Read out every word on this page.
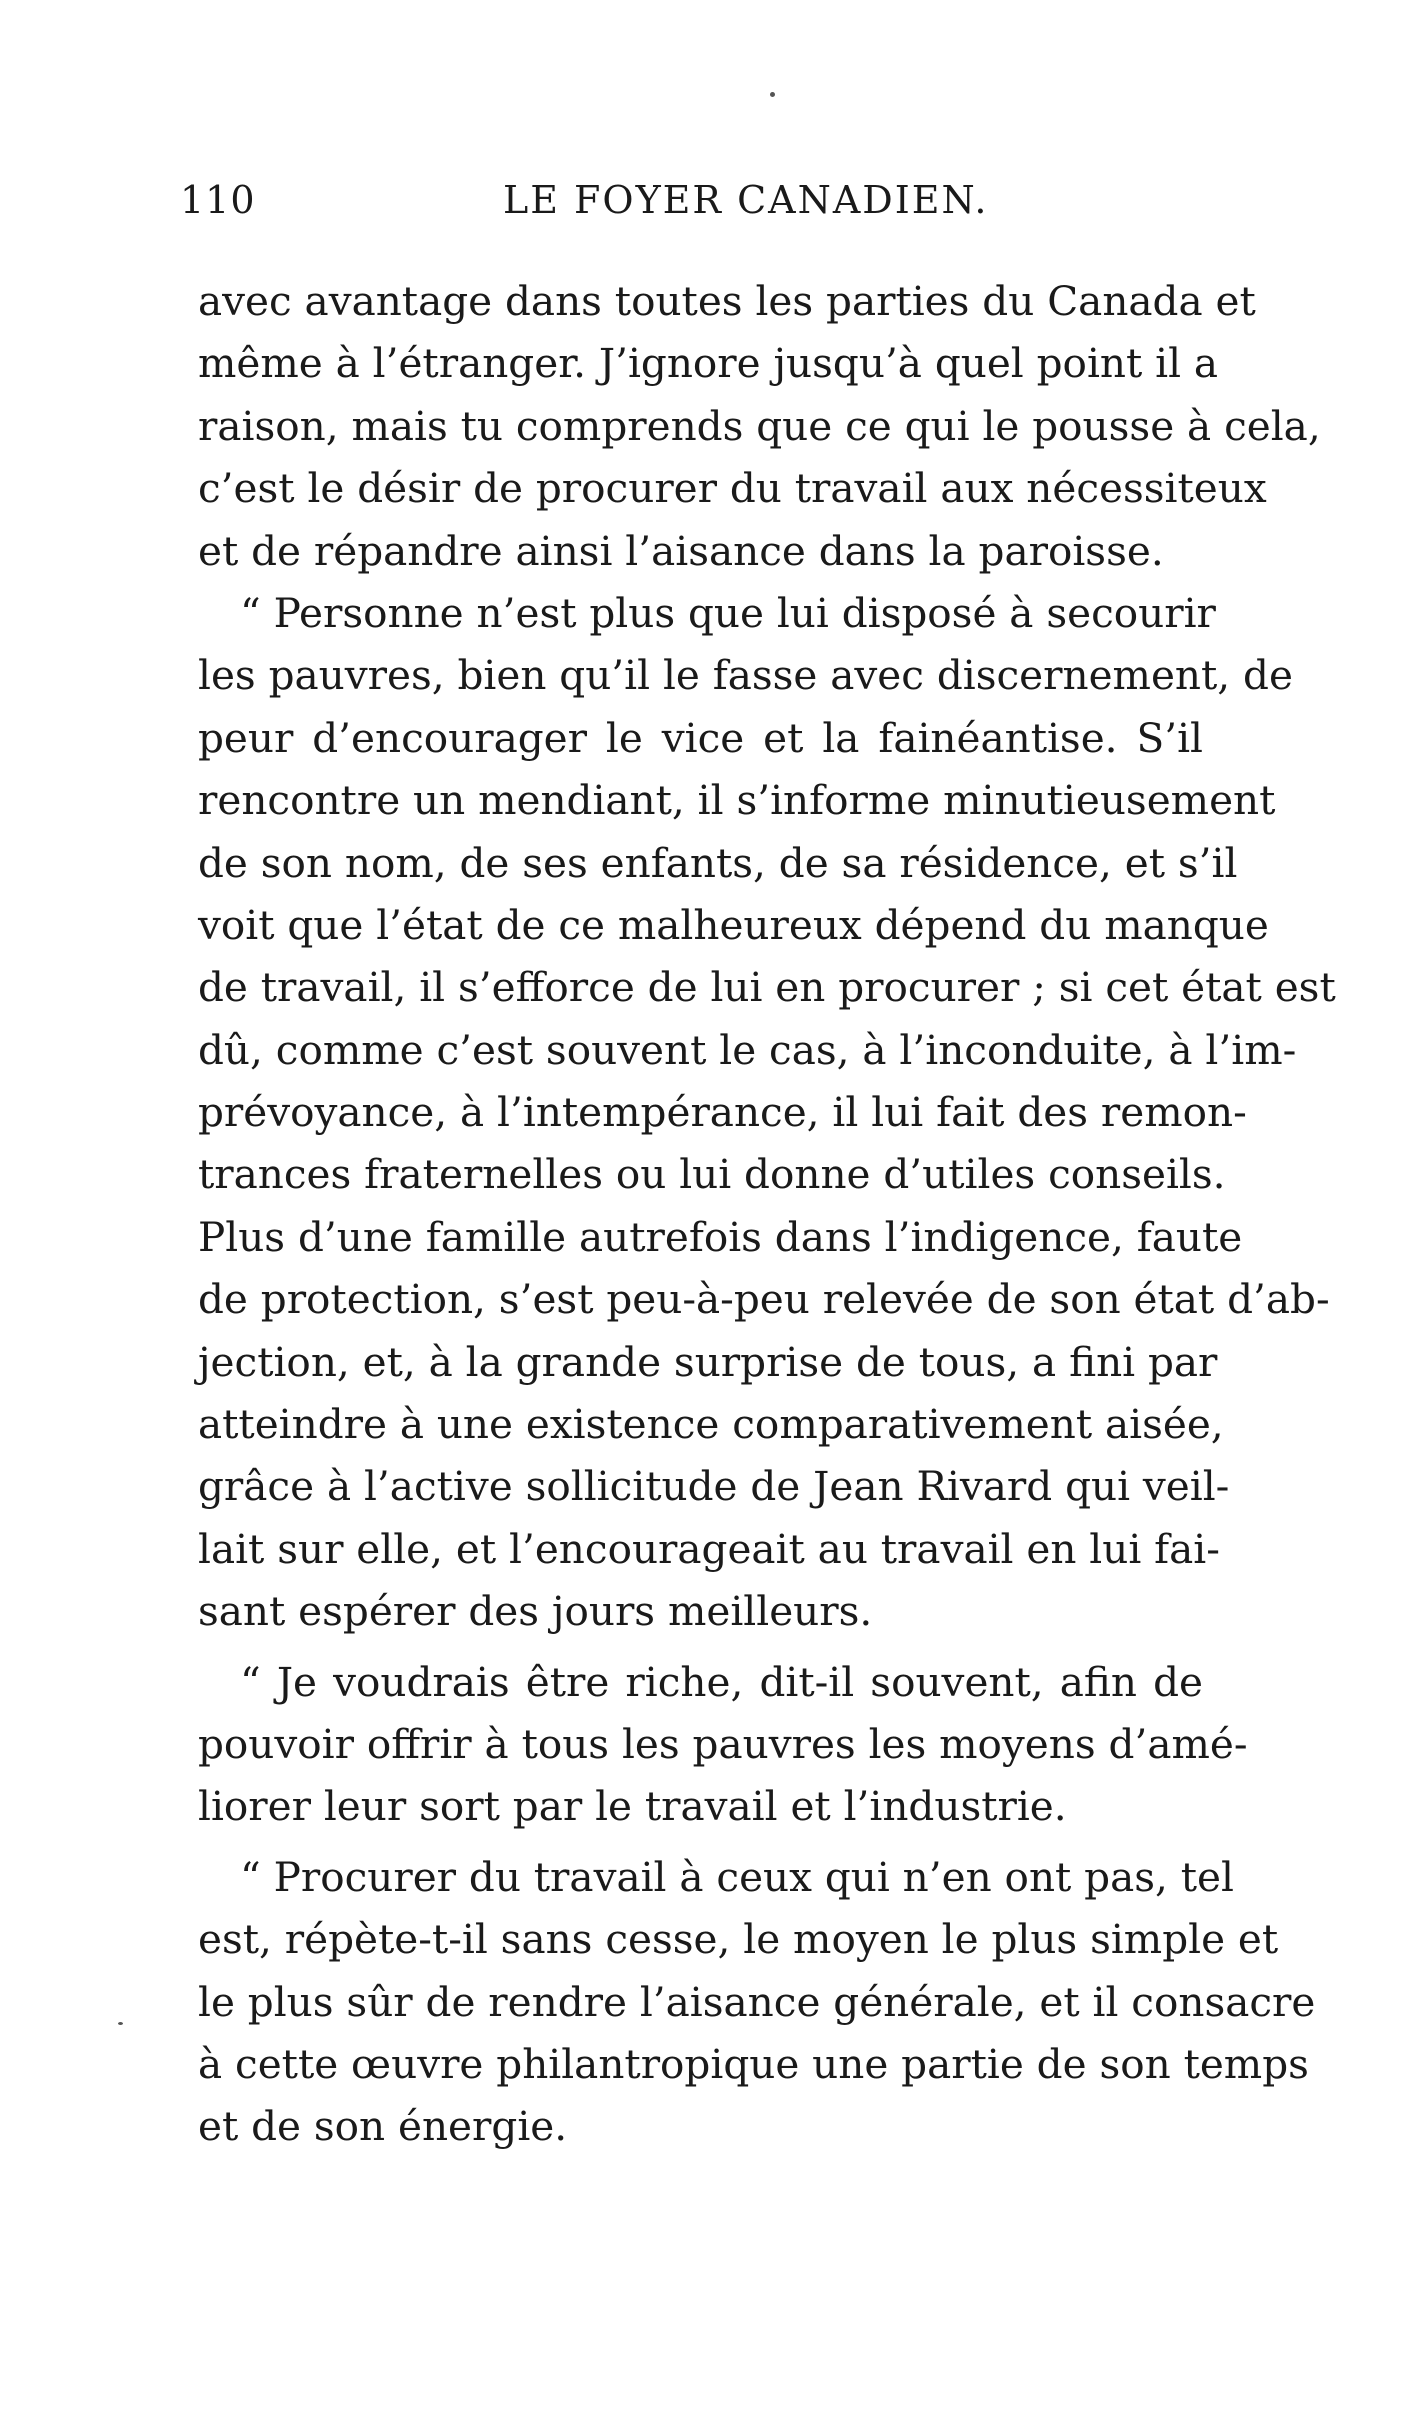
110	LE FOYER CANADIEN.
avec avantage dans toutes les parties du Canada et
même à l’étranger. J’ignore jusqu’à quel point il a
raison, mais tu comprends que ce qui le pousse à cela,
c’est le désir de procurer du travail aux nécessiteux
et de répandre ainsi l’aisance dans la paroisse.
“ Personne n’est plus que lui disposé à secourir
les pauvres, bien qu’il le fasse avec discernement, de
peur d’encourager le vice et la fainéantise. S’il
rencontre un mendiant, il s’informe minutieusement
de son nom, de ses enfants, de sa résidence, et s’il
voit que l’état de ce malheureux dépend du manque
de travail, il s’efforce de lui en procurer ; si cet état est
dû, comme c’est souvent le cas, à l’inconduite, à l’im-
prévoyance, à l’intempérance, il lui fait des remon-
trances fraternelles ou lui donne d’utiles conseils.
Plus d’une famille autrefois dans l’indigence, faute
de protection, s’est peu-à-peu relevée de son état d’ab-
jection, et, à la grande surprise de tous, a fini par
atteindre à une existence comparativement aisée,
grâce à l’active sollicitude de Jean Rivard qui veil-
lait sur elle, et l’encourageait au travail en lui fai-
sant espérer des jours meilleurs.
“ Je voudrais être riche, dit-il souvent, afin de
pouvoir offrir à tous les pauvres les moyens d’amé-
liorer leur sort par le travail et l’industrie.
“ Procurer du travail à ceux qui n’en ont pas, tel
est, répète-t-il sans cesse, le moyen le plus simple et
le plus sûr de rendre l’aisance générale, et il consacre
à cette œuvre philantropique une partie de son temps
et de son énergie.
